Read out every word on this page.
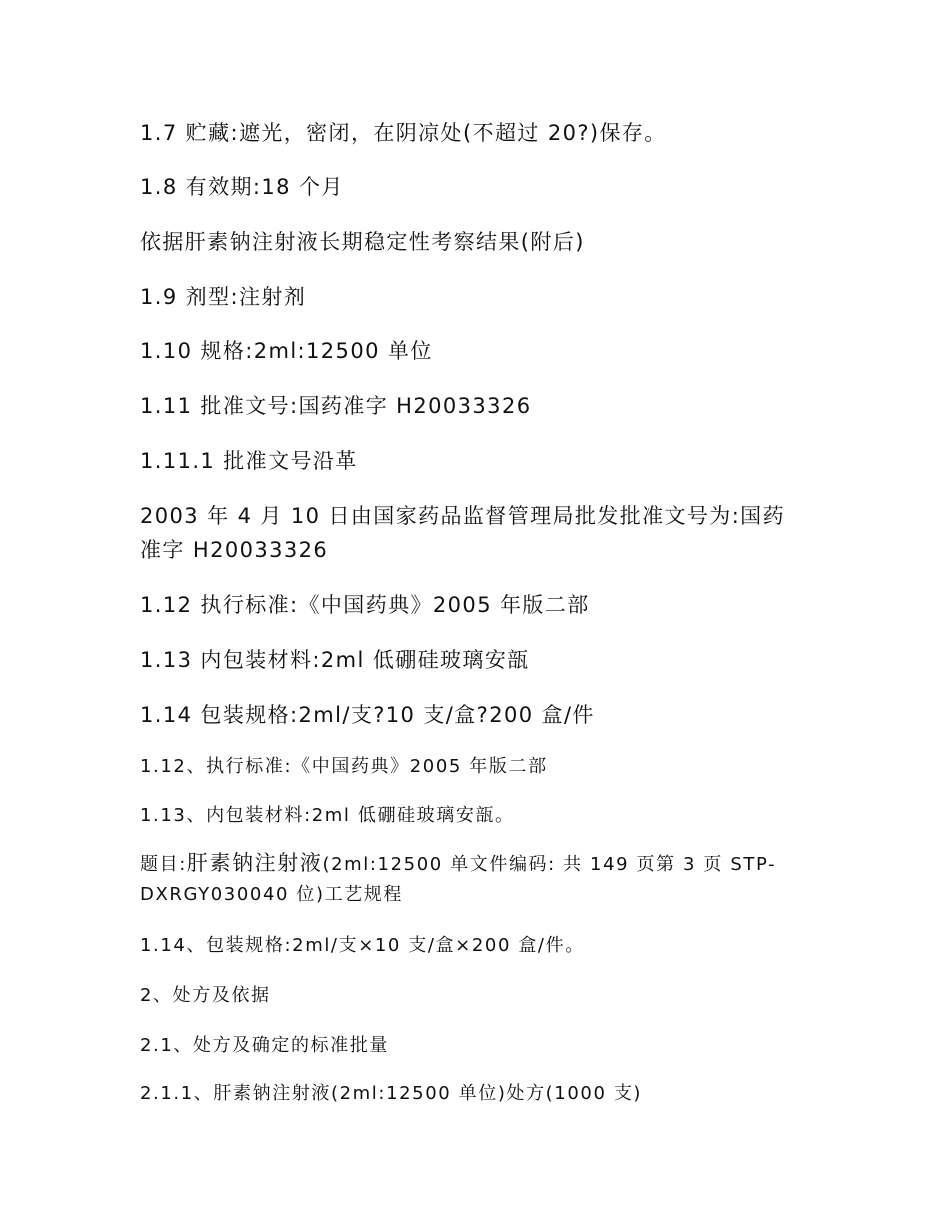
1.7 贮藏:遮光，密闭，在阴凉处(不超过 20?)保存。
1.8 有效期:18 个月
依据肝素钠注射液长期稳定性考察结果(附后)
1.9 剂型:注射剂
1.10 规格:2ml:12500 单位
1.11 批准文号:国药准字 H20033326
1.11.1 批准文号沿革
2003 年 4 月 10 日由国家药品监督管理局批发批准文号为:国药准字 H20033326
1.12 执行标准:《中国药典》2005 年版二部
1.13 内包装材料:2ml 低硼硅玻璃安瓿
1.14 包装规格:2ml/支?10 支/盒?200 盒/件
1.12、执行标准:《中国药典》2005 年版二部
1.13、内包装材料:2ml 低硼硅玻璃安瓿。
题目:肝素钠注射液(2ml:12500 单文件编码: 共 149 页第 3 页 STP-DXRGY030040 位)工艺规程
1.14、包装规格:2ml/支×10 支/盒×200 盒/件。
2、处方及依据
2.1、处方及确定的标准批量
2.1.1、肝素钠注射液(2ml:12500 单位)处方(1000 支)
